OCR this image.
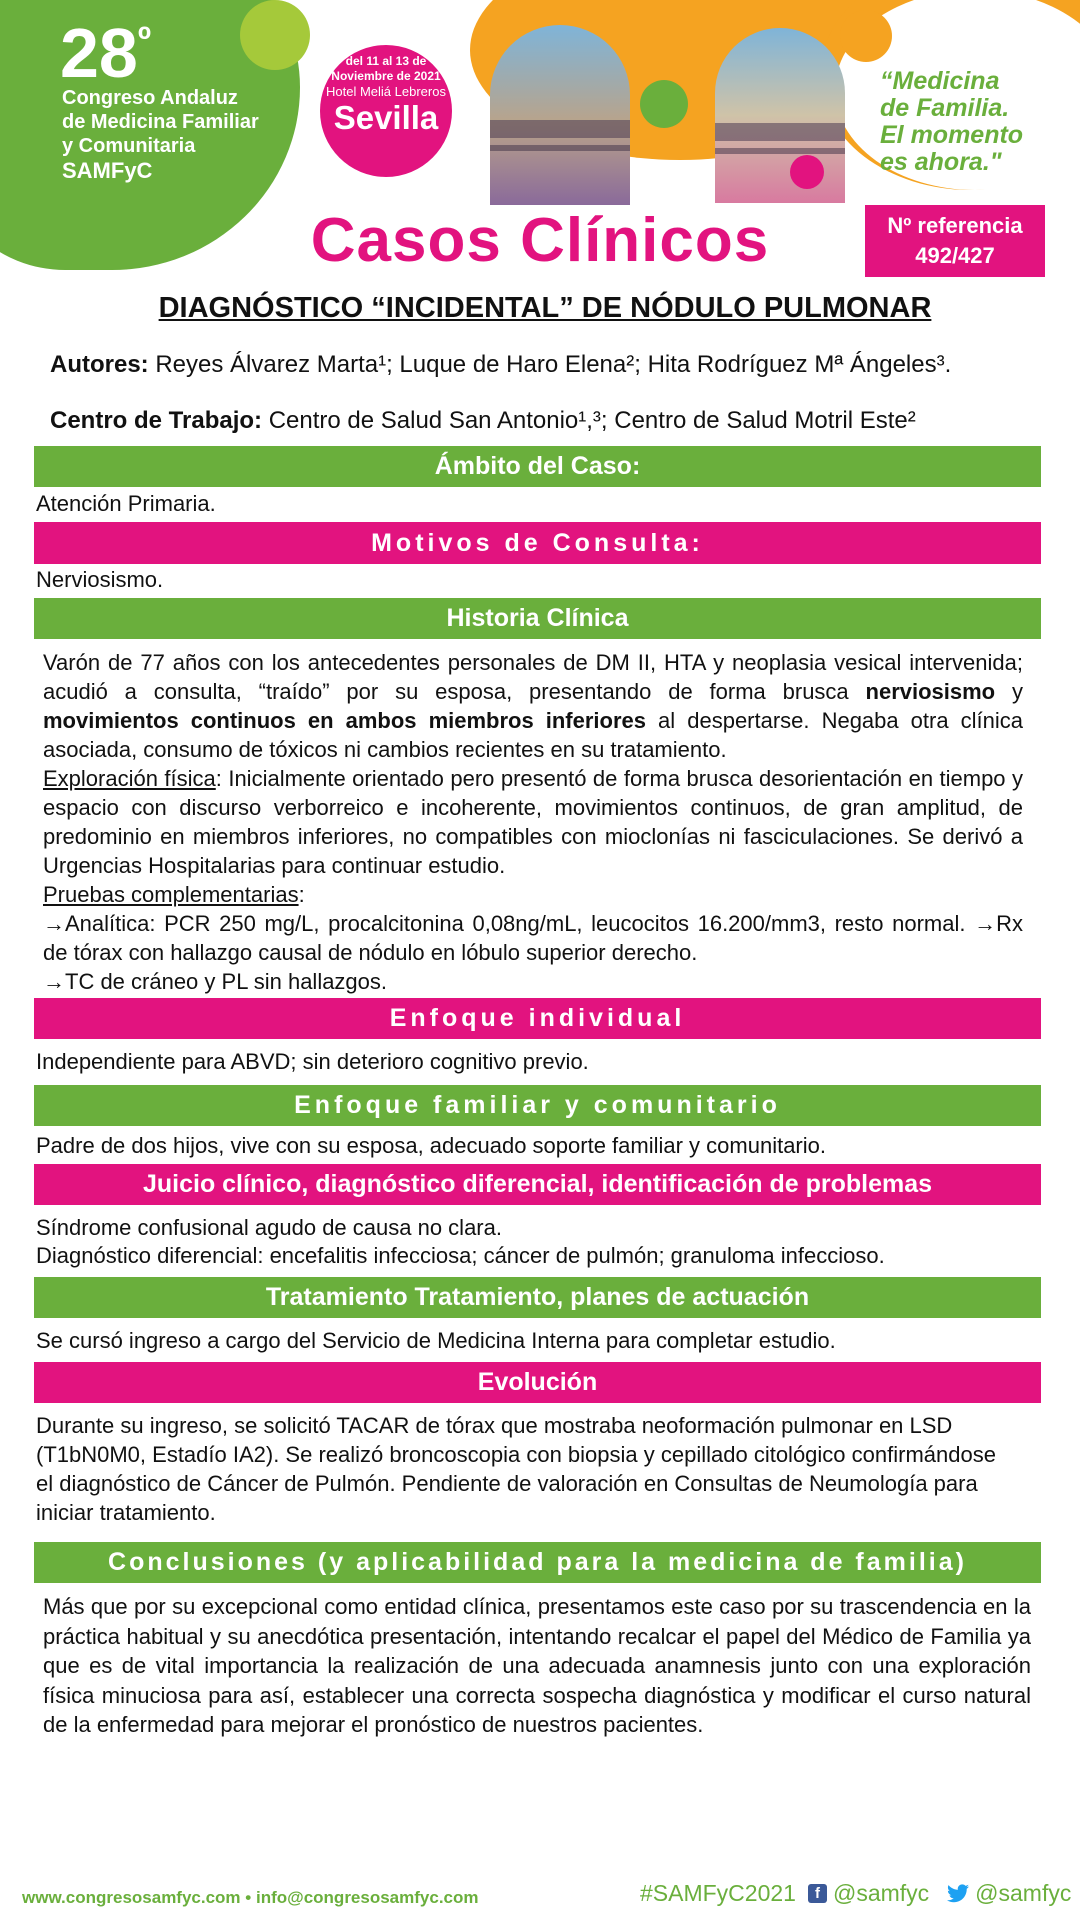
$28^º$
Congreso Andaluz
de Medicina Familiar
y Comunitaria
SAMFyC
del 11 al 13 de
Noviembre de 2021
Hotel Meliá Lebreros
Sevilla
“Medicina
de Familia.
El momento
es ahora."
Nº referencia
492/427
Casos Clínicos
DIAGNÓSTICO “INCIDENTAL” DE NÓDULO PULMONAR
Autores: Reyes Álvarez Marta¹; Luque de Haro Elena²; Hita Rodríguez Mª Ángeles³.
Centro de Trabajo: Centro de Salud San Antonio¹,³; Centro de Salud Motril Este²
Ámbito del Caso:
Atención Primaria.
Motivos de Consulta:
Nerviosismo.
Historia Clínica
Varón de 77 años con los antecedentes personales de DM II, HTA y neoplasia vesical intervenida; acudió a consulta, “traído” por su esposa, presentando de forma brusca nerviosismo y movimientos continuos en ambos miembros inferiores al despertarse. Negaba otra clínica asociada, consumo de tóxicos ni cambios recientes en su tratamiento.
Exploración física: Inicialmente orientado pero presentó de forma brusca desorientación en tiempo y espacio con discurso verborreico e incoherente, movimientos continuos, de gran amplitud, de predominio en miembros inferiores, no compatibles con mioclonías ni fasciculaciones. Se derivó a Urgencias Hospitalarias para continuar estudio.
Pruebas complementarias:
→Analítica: PCR 250 mg/L, procalcitonina 0,08ng/mL, leucocitos 16.200/mm3, resto normal. →Rx de tórax con hallazgo causal de nódulo en lóbulo superior derecho.
→TC de cráneo y PL sin hallazgos.
Enfoque individual
Independiente para ABVD; sin deterioro cognitivo previo.
Enfoque familiar y comunitario
Padre de dos hijos, vive con su esposa, adecuado soporte familiar y comunitario.
Juicio clínico, diagnóstico diferencial, identificación de problemas
Síndrome confusional agudo de causa no clara.
Diagnóstico diferencial: encefalitis infecciosa; cáncer de pulmón; granuloma infeccioso.
Tratamiento Tratamiento, planes de actuación
Se cursó ingreso a cargo del Servicio de Medicina Interna para completar estudio.
Evolución
Durante su ingreso, se solicitó TACAR de tórax que mostraba neoformación pulmonar en LSD (T1bN0M0, Estadío IA2). Se realizó broncoscopia con biopsia y cepillado citológico confirmándose el diagnóstico de Cáncer de Pulmón. Pendiente de valoración en Consultas de Neumología para iniciar tratamiento.
Conclusiones (y aplicabilidad para la medicina de familia)
Más que por su excepcional como entidad clínica, presentamos este caso por su trascendencia en la práctica habitual y su anecdótica presentación, intentando recalcar el papel del Médico de Familia ya que es de vital importancia la realización de una adecuada anamnesis junto con una exploración física minuciosa para así, establecer una correcta sospecha diagnóstica y modificar el curso natural de la enfermedad para mejorar el pronóstico de nuestros pacientes.
www.congresosamfyc.com • info@congresosamfyc.com	#SAMFyC2021	f @samfyc @samfyc
